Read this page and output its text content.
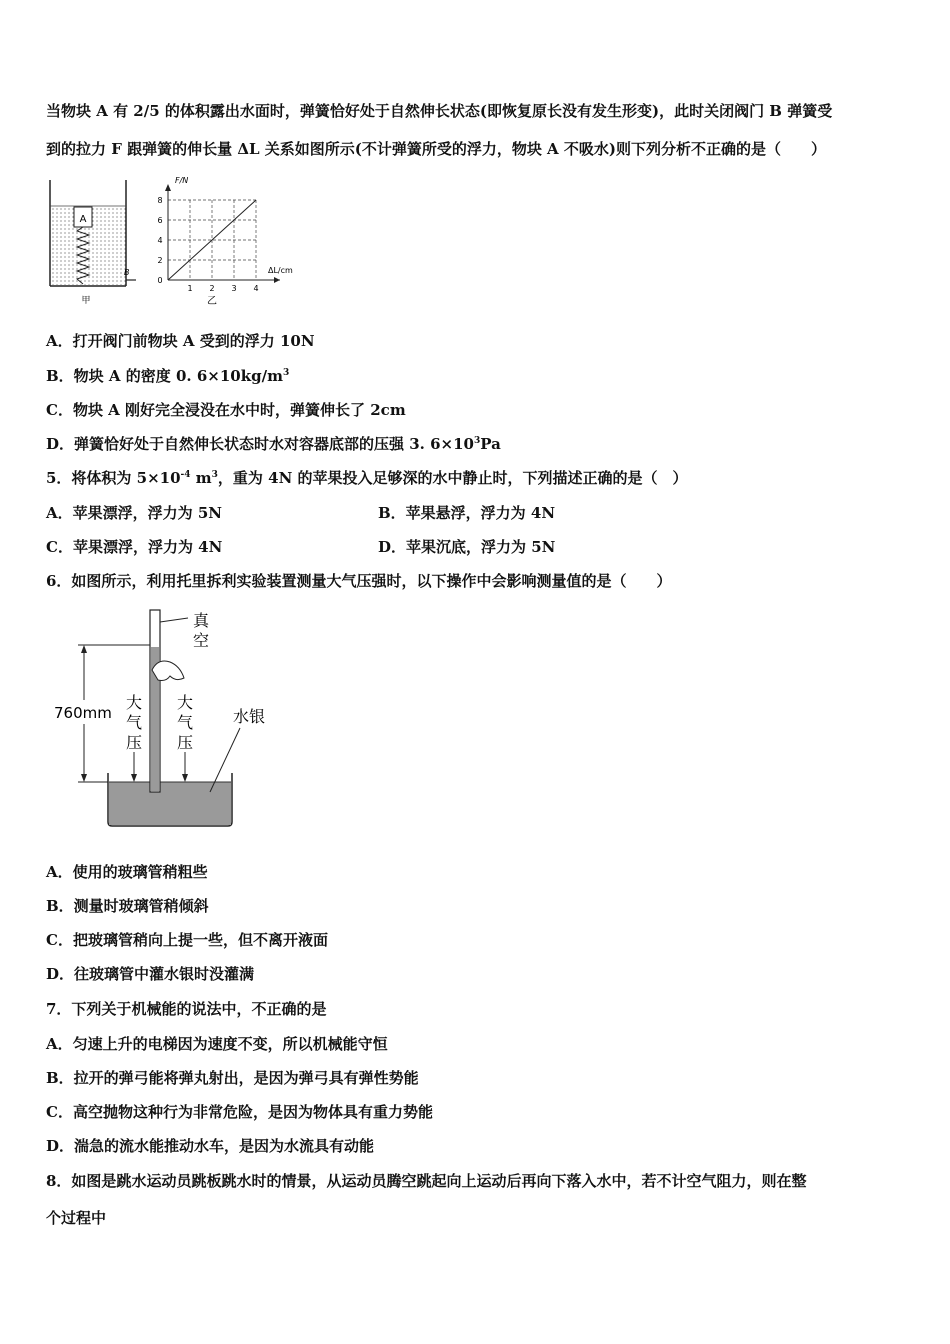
当物块 A 有 2/5 的体积露出水面时，弹簧恰好处于自然伸长状态(即恢复原长没有发生形变)，此时关闭阀门 B 弹簧受
到的拉力 F 跟弹簧的伸长量 ΔL 关系如图所示(不计弹簧所受的浮力，物块 A 不吸水)则下列分析不正确的是（　　）
A
B
甲
0
2
4
6
8
1 2 3 4
F/N
ΔL/cm
乙
A．打开阀门前物块 A 受到的浮力 10N
B．物块 A 的密度 0. $6\times 10kg/m^3$
C．物块 A 刚好完全浸没在水中时，弹簧伸长了 2cm
D．弹簧恰好处于自然伸长状态时水对容器底部的压强 3. $6\times 10^3Pa$
5．将体积为 $5\times 10^{-4}$ $m^3$，重为 4N 的苹果投入足够深的水中静止时，下列描述正确的是（　）
A．苹果漂浮，浮力为 5N	B．苹果悬浮，浮力为 4N
C．苹果漂浮，浮力为 4N	D．苹果沉底，浮力为 5N
6．如图所示，利用托里拆利实验装置测量大气压强时，以下操作中会影响测量值的是（　　）
真
空
760mm
大
气
压
大
气
压
水银
A．使用的玻璃管稍粗些
B．测量时玻璃管稍倾斜
C．把玻璃管稍向上提一些，但不离开液面
D．往玻璃管中灌水银时没灌满
7．下列关于机械能的说法中，不正确的是
A．匀速上升的电梯因为速度不变，所以机械能守恒
B．拉开的弹弓能将弹丸射出，是因为弹弓具有弹性势能
C．高空抛物这种行为非常危险，是因为物体具有重力势能
D．湍急的流水能推动水车，是因为水流具有动能
8．如图是跳水运动员跳板跳水时的情景，从运动员腾空跳起向上运动后再向下落入水中，若不计空气阻力，则在整
个过程中
